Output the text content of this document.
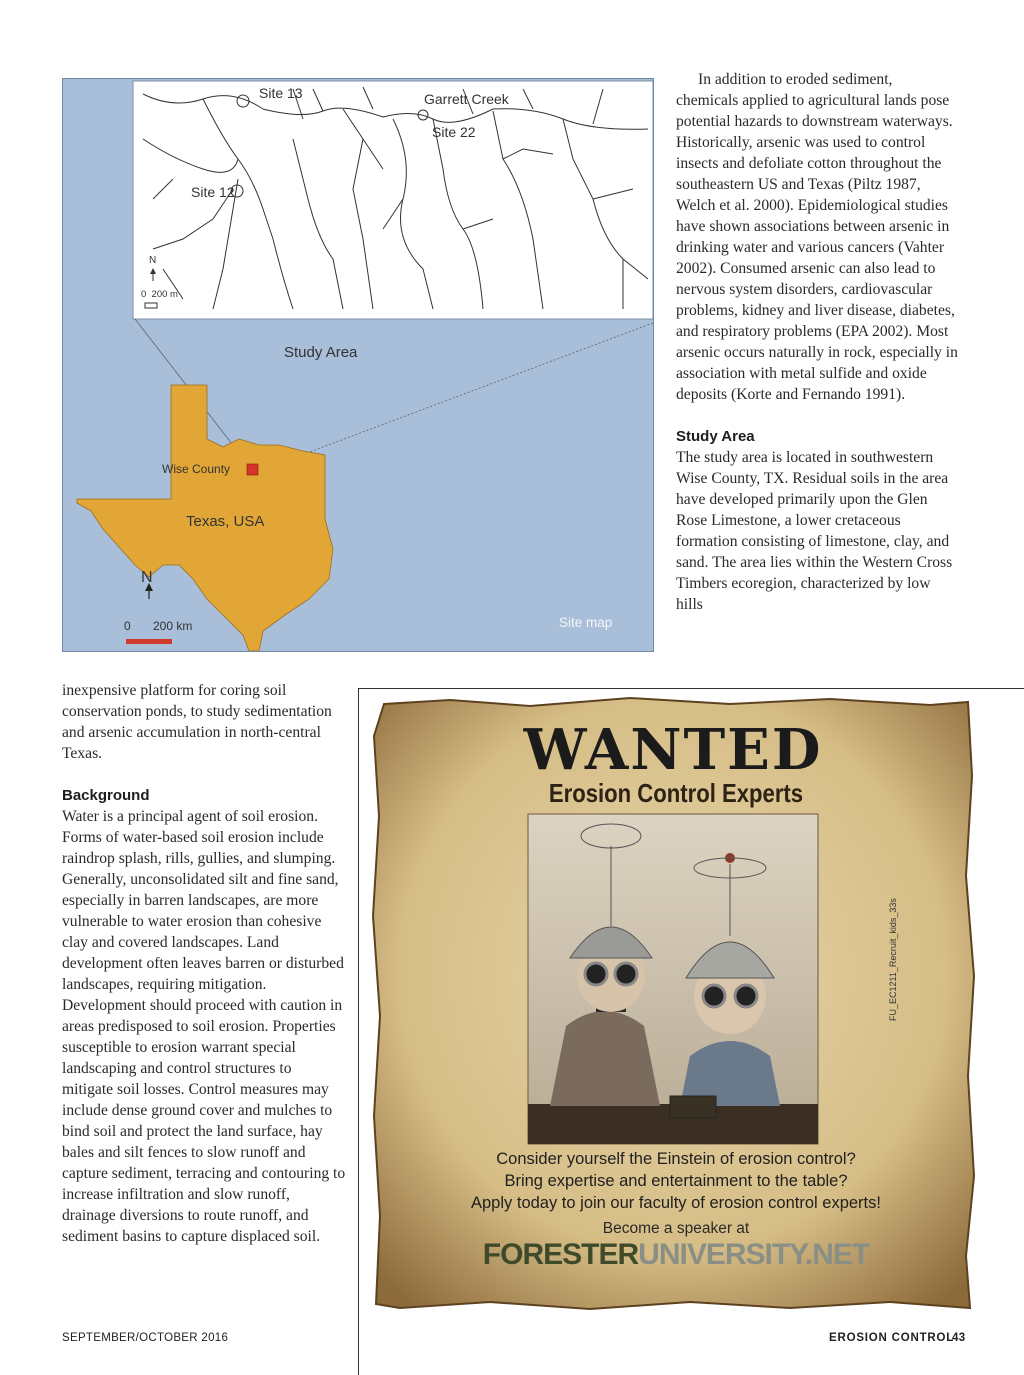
Site 13	Garrett Creek
Site 22
Site 12
N
0  200 m
Study Area
Wise County
Texas, USA
N
0 200 km	Site map

In addition to eroded sediment, chemicals applied to agricultural lands pose potential hazards to downstream waterways. Historically, arsenic was used to control insects and defoliate cotton throughout the southeastern US and Texas (Piltz 1987, Welch et al. 2000). Epidemiological studies have shown associations between arsenic in drinking water and various cancers (Vahter 2002). Consumed arsenic can also lead to nervous system disorders, cardiovascular problems, kidney and liver disease, diabetes, and respiratory problems (EPA 2002). Most arsenic occurs naturally in rock, especially in association with metal sulfide and oxide deposits (Korte and Fernando 1991).

Study Area

The study area is located in southwestern Wise County, TX. Residual soils in the area have developed primarily upon the Glen Rose Limestone, a lower cretaceous formation consisting of limestone, clay, and sand. The area lies within the Western Cross Timbers ecoregion, characterized by low hills

inexpensive platform for coring soil conservation ponds, to study sedimentation and arsenic accumulation in north-central Texas.

Background

Water is a principal agent of soil erosion. Forms of water-based soil erosion include raindrop splash, rills, gullies, and slumping. Generally, unconsolidated silt and fine sand, especially in barren landscapes, are more vulnerable to water erosion than cohesive clay and covered landscapes. Land development often leaves barren or disturbed landscapes, requiring mitigation. Development should proceed with caution in areas predisposed to soil erosion. Properties susceptible to erosion warrant special landscaping and control structures to mitigate soil losses. Control measures may include dense ground cover and mulches to bind soil and protect the land surface, hay bales and silt fences to slow runoff and capture sediment, terracing and contouring to increase infiltration and slow runoff, drainage diversions to route runoff, and sediment basins to capture displaced soil.

WANTED
Erosion Control Experts
Consider yourself the Einstein of erosion control?
Bring expertise and entertainment to the table?
Apply today to join our faculty of erosion control experts!
Become a speaker at
FORESTERUNIVERSITY.NET
FU_EC1211_Recruit_kids_33s
SEPTEMBER/OCTOBER 2016	EROSION CONTROL
43
